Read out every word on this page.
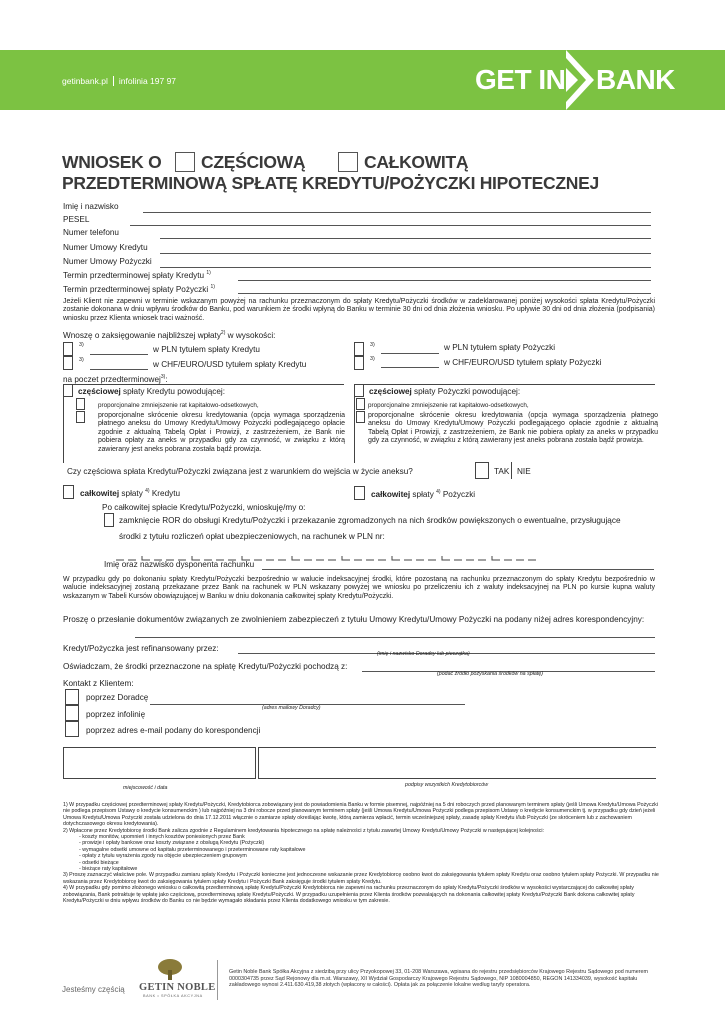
getinbank.pl infolinia 197 97	GET IN BANK
WNIOSEK O CZĘŚCIOWĄ	CAŁKOWITĄ
PRZEDTERMINOWĄ SPŁATĘ KREDYTU/POŻYCZKI HIPOTECZNEJ
Imię i nazwisko
PESEL
Numer telefonu
Numer Umowy Kredytu
Numer Umowy Pożyczki
Termin przedterminowej spłaty Kredytu $^{1)}$
Termin przedterminowej spłaty Pożyczki $^{1)}$
Jeżeli Klient nie zapewni w terminie wskazanym powyżej na rachunku przeznaczonym do spłaty Kredytu/Pożyczki środków w zadeklarowanej poniżej wysokości spłata Kredytu/Pożyczki zostanie dokonana w dniu wpływu środków do Banku, pod warunkiem że środki wpłyną do Banku w terminie 30 dni od dnia złożenia wniosku. Po upływie 30 dni od dnia złożenia (podpisania) wniosku przez Klienta wniosek traci ważność.
Wnoszę o zaksięgowanie najbliższej wpłaty$^{2)}$ w wysokości:
3)	w PLN tytułem spłaty Kredytu
3)	w CHF/EURO/USD tytułem spłaty Kredytu
3)	w PLN tytułem spłaty Pożyczki
3)	w CHF/EURO/USD tytułem spłaty Pożyczki
na poczet przedterminowej$^{3)}$:
częściowej spłaty Kredytu powodującej:
proporcjonalne zmniejszenie rat kapitałowo-odsetkowych,
proporcjonalne skrócenie okresu kredytowania (opcja wymaga sporządzenia płatnego aneksu do Umowy Kredytu/Umowy Pożyczki podlegającego opłacie zgodnie z aktualną Tabelą Opłat i Prowizji, z zastrzeżeniem, że Bank nie pobiera opłaty za aneks w przypadku gdy za czynność, w związku z którą zawierany jest aneks pobrana została bądź prowizja.
częściowej spłaty Pożyczki powodującej:
proporcjonalne zmniejszenie rat kapitałowo-odsetkowych,
proporcjonalne skrócenie okresu kredytowania (opcja wymaga sporządzenia płatnego aneksu do Umowy Kredytu/Umowy Pożyczki podlegającego opłacie zgodnie z aktualną Tabelą Opłat i Prowizji, z zastrzeżeniem, że Bank nie pobiera opłaty za aneks w przypadku gdy za czynność, w związku z którą zawierany jest aneks pobrana została bądź prowizja.
Czy częściowa spłata Kredytu/Pożyczki związana jest z warunkiem do wejścia w życie aneksu?	TAK NIE
całkowitej spłaty $^{4)}$ Kredytu	całkowitej spłaty $^{4)}$ Pożyczki
Po całkowitej spłacie Kredytu/Pożyczki, wnioskuję/my o:
zamknięcie ROR do obsługi Kredytu/Pożyczki i przekazanie zgromadzonych na nich środków powiększonych o ewentualne, przysługujące
środki z tytułu rozliczeń opłat ubezpieczeniowych, na rachunek w PLN nr:
Imię oraz nazwisko dysponenta rachunku
W przypadku gdy po dokonaniu spłaty Kredytu/Pożyczki bezpośrednio w walucie indeksacyjnej środki, które pozostaną na rachunku przeznaczonym do spłaty Kredytu bezpośrednio w walucie indeksacyjnej zostaną przekazane przez Bank na rachunek w PLN wskazany powyżej we wniosku po przeliczeniu ich z waluty indeksacyjnej na PLN po kursie kupna waluty wskazanym w Tabeli Kursów obowiązującej w Banku w dniu dokonania całkowitej spłaty Kredytu/Pożyczki.
Proszę o przesłanie dokumentów związanych ze zwolnieniem zabezpieczeń z tytułu Umowy Kredytu/Umowy Pożyczki na podany niżej adres korespondencyjny:
Kredyt/Pożyczka jest refinansowany przez:
(imię i nazwisko Doradcy lub pieczątka)
Oświadczam, że środki przeznaczone na spłatę Kredytu/Pożyczki pochodzą z:
(podać źródło pozyskania środków na spłatę)
Kontakt z Klientem:
poprzez Doradcę
poprzez infolinię
(adres mailowy Doradcy)
poprzez adres e-mail podany do korespondencji
miejscowość i data	podpisy wszystkich Kredytobiorców
1) W przypadku częściowej przedterminowej spłaty Kredytu/Pożyczki, Kredytobiorca zobowiązany jest do powiadomienia Banku w formie pisemnej, najpóźniej na 5 dni roboczych przed planowanym terminem spłaty (jeśli Umowa Kredytu/Umowa Pożyczki nie podlega przepisom Ustawy o kredycie konsumenckim ) lub najpóźniej na 3 dni robocze przed planowanym terminem spłaty (jeśli Umowa Kredytu/Umowa Pożyczki podlega przepisom Ustawy o kredycie konsumenckim tj. w przypadku gdy dzień jeżeli Umowa Kredytu/Umowa Pożyczki została udzielona do dnia 17.12.2011 włącznie o zamiarze spłaty określając kwotę, którą zamierza wpłacić, termin wcześniejszej spłaty, zasadę spłaty Kredytu i/lub Pożyczki (ze skróceniem lub z zachowaniem dotychczasowego okresu kredytowania).
2) Wpłacone przez Kredytobiorcę środki Bank zalicza zgodnie z Regulaminem kredytowania hipotecznego na spłatę należności z tytułu zawartej Umowy Kredytu/Umowy Pożyczki w następującej kolejności:
- koszty monitów, upomnień i innych kosztów poniesionych przez Bank
- prowizje i opłaty bankowe oraz koszty związane z obsługą Kredytu (Pożyczki)
- wymagalne odsetki umowne od kapitału przeterminowanego i przeterminowane raty kapitałowe
- opłaty z tytułu wyrażenia zgody na objęcie ubezpieczeniem grupowym
- odsetki bieżące
- bieżące raty kapitałowe
3) Proszę zaznaczyć właściwe pole. W przypadku zamiaru spłaty Kredytu i Pożyczki konieczne jest jednoczesne wskazanie przez Kredytobiorcę osobno kwot do zaksięgowania tytułem spłaty Kredytu oraz osobno tytułem spłaty Pożyczki. W przypadku nie wskazania przez Kredytobiorcę kwot do zaksięgowania tytułem spłaty Kredytu i Pożyczki Bank zaksięguje środki tytułem spłaty Kredytu.
4) W przypadku gdy pomimo złożonego wniosku o całkowitą przedterminową spłatę Kredytu/Pożyczki Kredytobiorca nie zapewni na rachunku przeznaczonym do spłaty Kredytu/Pożyczki środków w wysokości wystarczającej do całkowitej spłaty zobowiązania, Bank potraktuje tę wpłatę jako częściową, przedterminową spłatę Kredytu/Pożyczki. W przypadku uzupełnienia przez Klienta środków pozwalających na dokonania całkowitej spłaty Kredytu/Pożyczki Bank dokona całkowitej spłaty Kredytu/Pożyczki w dniu wpływu środków do Banku co nie będzie wymagało składania przez Klienta dodatkowego wniosku w tym zakresie.
Jesteśmy częścią GETIN NOBLE
BANK • SPÓŁKA AKCYJNA
Getin Noble Bank Spółka Akcyjna z siedzibą przy ulicy Przyokopowej 33, 01-208 Warszawa, wpisana do rejestru przedsiębiorców Krajowego Rejestru Sądowego pod numerem 0000304735 przez Sąd Rejonowy dla m.st. Warszawy, XII Wydział Gospodarczy Krajowego Rejestru Sądowego, NIP 1080004850, REGON 141334039, wysokość kapitału zakładowego wynosi 2.411.630.419,38 złotych (wpłacony w całości). Opłata jak za połączenie lokalne według taryfy operatora.
